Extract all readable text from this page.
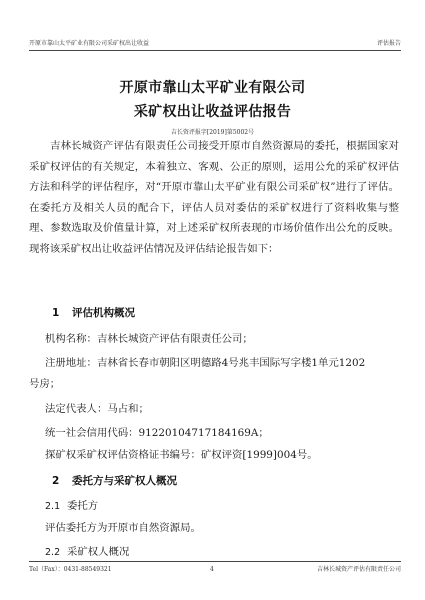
开原市靠山太平矿业有限公司采矿权出让收益	评估报告
开原市靠山太平矿业有限公司
采矿权出让收益评估报告
吉长资评报字[2019]第5002号

吉林长城资产评估有限责任公司接受开原市自然资源局的委托，根据国家对采矿权评估的有关规定，本着独立、客观、公正的原则，运用公允的采矿权评估方法和科学的评估程序，对“开原市靠山太平矿业有限公司采矿权”进行了评估。在委托方及相关人员的配合下，评估人员对委估的采矿权进行了资料收集与整理、参数选取及价值量计算，对上述采矿权所表现的市场价值作出公允的反映。现将该采矿权出让收益评估情况及评估结论报告如下：

1 评估机构概况
机构名称：吉林长城资产评估有限责任公司；
注册地址：吉林省长春市朝阳区明德路4号兆丰国际写字楼1单元1202
号房；
法定代表人：马占和；
统一社会信用代码：91220104717184169A；
探矿权采矿权评估资格证书编号：矿权评资[1999]004号。
2 委托方与采矿权人概况
2.1 委托方
评估委托方为开原市自然资源局。
2.2 采矿权人概况
Tel（Fax）：0431-88549321	4	吉林长城资产评估有限责任公司
